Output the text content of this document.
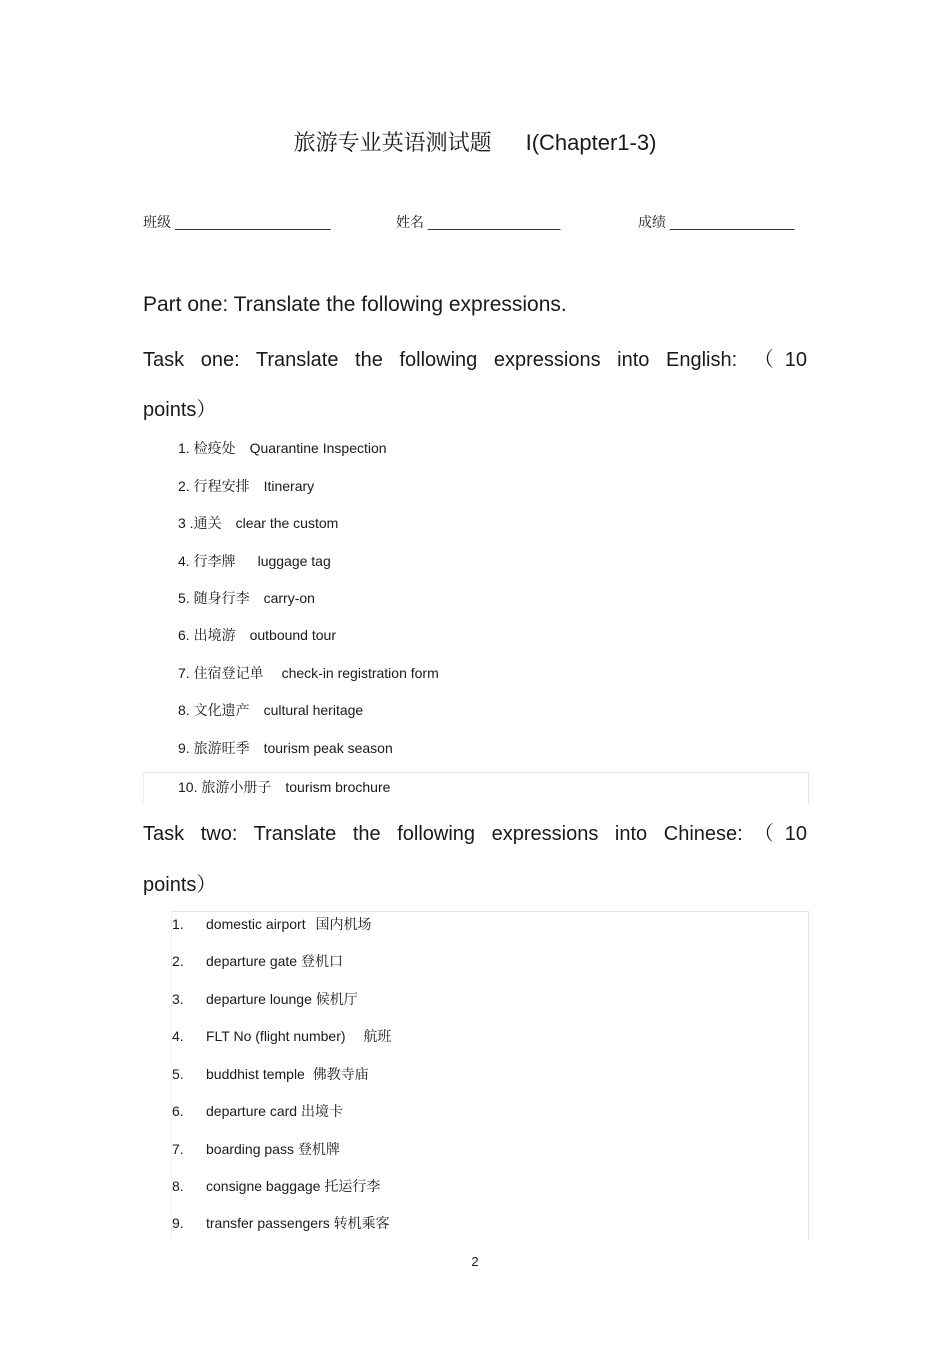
旅游专业英语测试题 I(Chapter1-3)
班级 ____________________	姓名 _________________	成绩 ________________
Part one: Translate the following expressions.
Task one: Translate the following expressions into English: （10
points）
1. 检疫处 Quarantine Inspection
2. 行程安排 Itinerary
3 .通关 clear the custom
4. 行李牌 luggage tag
5. 随身行李 carry-on
6. 出境游 outbound tour
7. 住宿登记单 check-in registration form
8. 文化遗产 cultural heritage
9. 旅游旺季 tourism peak season
10. 旅游小册子 tourism brochure
Task two: Translate the following expressions into Chinese:（10
points）
1. domestic airport 国内机场
2. departure gate 登机口
3. departure lounge 候机厅
4. FLT No (flight number) 航班
5. buddhist temple 佛教寺庙
6. departure card 出境卡
7. boarding pass 登机牌
8. consigne baggage 托运行李
9. transfer passengers 转机乘客
2
